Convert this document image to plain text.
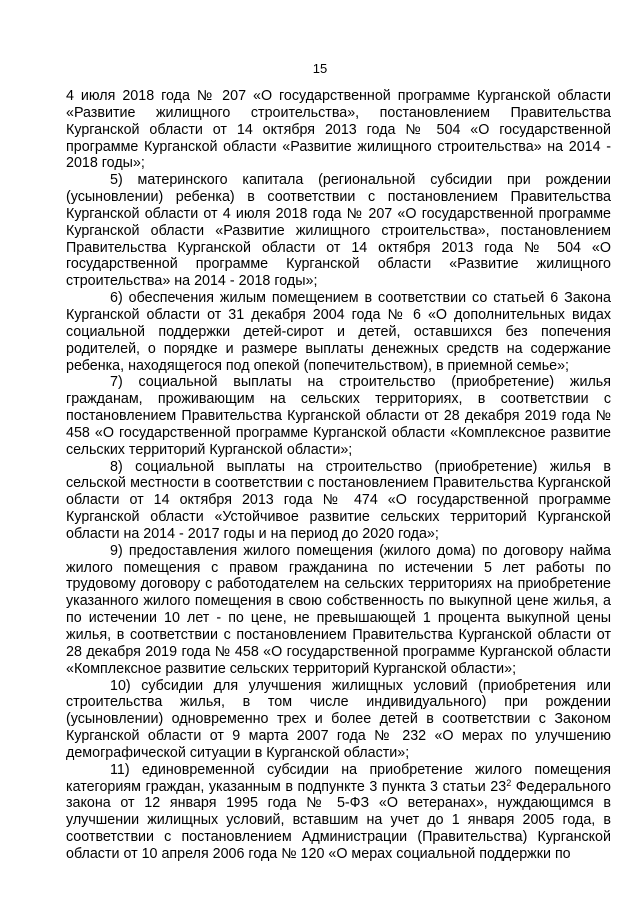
15

4 июля 2018 года № 207 «О государственной программе Курганской области «Развитие жилищного строительства», постановлением Правительства Курганской области от 14 октября 2013 года № 504 «О государственной программе Курганской области «Развитие жилищного строительства» на 2014 - 2018 годы»;

5) материнского капитала (региональной субсидии при рождении (усыновлении) ребенка) в соответствии с постановлением Правительства Курганской области от 4 июля 2018 года № 207 «О государственной программе Курганской области «Развитие жилищного строительства», постановлением Правительства Курганской области от 14 октября 2013 года № 504 «О государственной программе Курганской области «Развитие жилищного строительства» на 2014 - 2018 годы»;

6) обеспечения жилым помещением в соответствии со статьей 6 Закона Курганской области от 31 декабря 2004 года № 6 «О дополнительных видах социальной поддержки детей-сирот и детей, оставшихся без попечения родителей, о порядке и размере выплаты денежных средств на содержание ребенка, находящегося под опекой (попечительством), в приемной семье»;

7) социальной выплаты на строительство (приобретение) жилья гражданам, проживающим на сельских территориях, в соответствии с постановлением Правительства Курганской области от 28 декабря 2019 года № 458 «О государственной программе Курганской области «Комплексное развитие сельских территорий Курганской области»;

8) социальной выплаты на строительство (приобретение) жилья в сельской местности в соответствии с постановлением Правительства Курганской области от 14 октября 2013 года № 474 «О государственной программе Курганской области «Устойчивое развитие сельских территорий Курганской области на 2014 - 2017 годы и на период до 2020 года»;

9) предоставления жилого помещения (жилого дома) по договору найма жилого помещения с правом гражданина по истечении 5 лет работы по трудовому договору с работодателем на сельских территориях на приобретение указанного жилого помещения в свою собственность по выкупной цене жилья, а по истечении 10 лет - по цене, не превышающей 1 процента выкупной цены жилья, в соответствии с постановлением Правительства Курганской области от 28 декабря 2019 года № 458 «О государственной программе Курганской области «Комплексное развитие сельских территорий Курганской области»;

10) субсидии для улучшения жилищных условий (приобретения или строительства жилья, в том числе индивидуального) при рождении (усыновлении) одновременно трех и более детей в соответствии с Законом Курганской области от 9 марта 2007 года № 232 «О мерах по улучшению демографической ситуации в Курганской области»;

11) единовременной субсидии на приобретение жилого помещения категориям граждан, указанным в подпункте 3 пункта 3 статьи $23^2$ Федерального закона от 12 января 1995 года № 5-ФЗ «О ветеранах», нуждающимся в улучшении жилищных условий, вставшим на учет до 1 января 2005 года, в соответствии с постановлением Администрации (Правительства) Курганской области от 10 апреля 2006 года № 120 «О мерах социальной поддержки по
